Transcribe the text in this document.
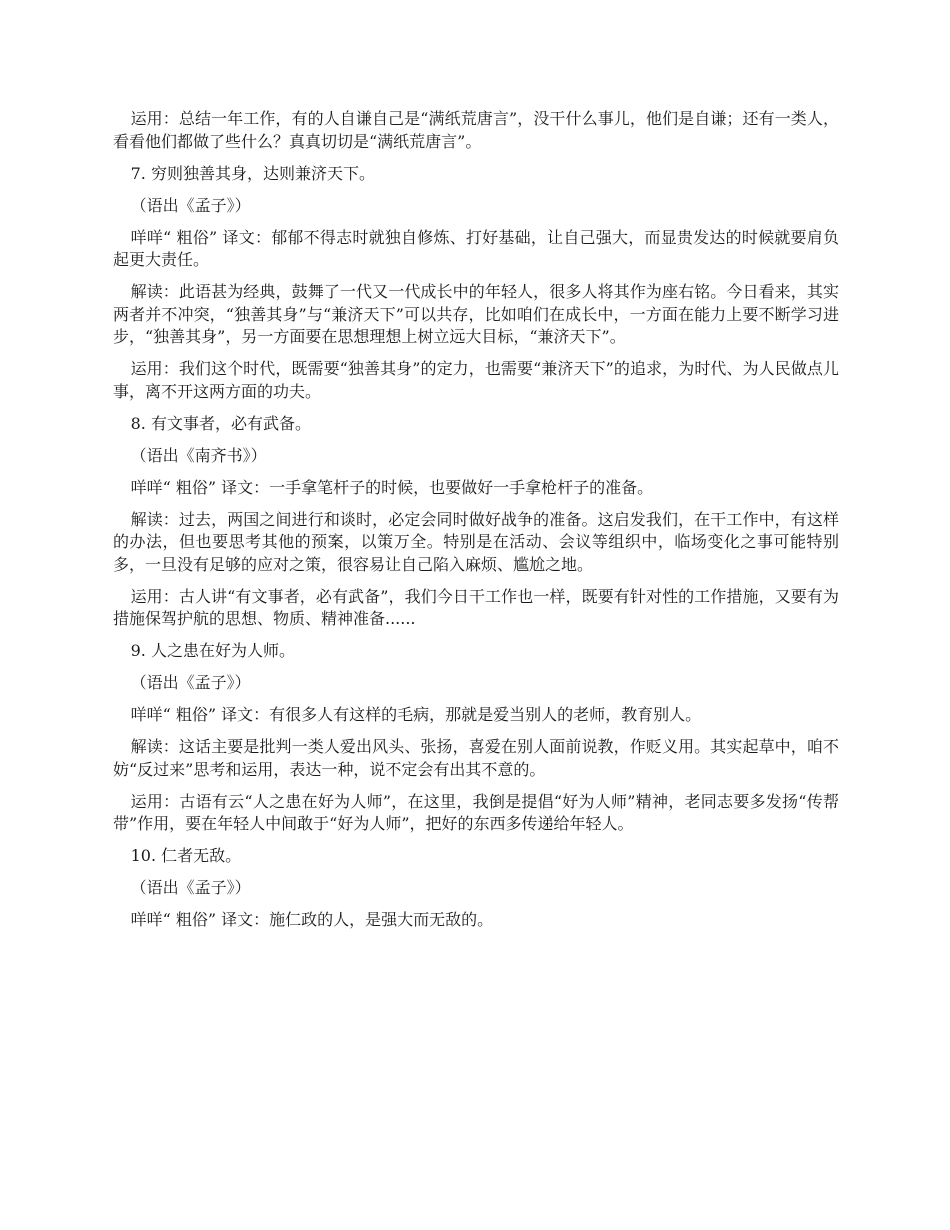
运用：总结一年工作，有的人自谦自己是“满纸荒唐言”，没干什么事儿，他们是自谦；还有一类人，看看他们都做了些什么？真真切切是“满纸荒唐言”。

7. 穷则独善其身，达则兼济天下。

（语出《孟子》）

咩咩“ 粗俗” 译文：郁郁不得志时就独自修炼、打好基础，让自己强大，而显贵发达的时候就要肩负起更大责任。

解读：此语甚为经典，鼓舞了一代又一代成长中的年轻人，很多人将其作为座右铭。今日看来，其实两者并不冲突，“独善其身”与“兼济天下”可以共存，比如咱们在成长中，一方面在能力上要不断学习进步，“独善其身”，另一方面要在思想理想上树立远大目标，“兼济天下”。

运用：我们这个时代，既需要“独善其身”的定力，也需要“兼济天下”的追求，为时代、为人民做点儿事，离不开这两方面的功夫。

8. 有文事者，必有武备。

（语出《南齐书》）

咩咩“ 粗俗” 译文：一手拿笔杆子的时候，也要做好一手拿枪杆子的准备。

解读：过去，两国之间进行和谈时，必定会同时做好战争的准备。这启发我们，在干工作中，有这样的办法，但也要思考其他的预案，以策万全。特别是在活动、会议等组织中，临场变化之事可能特别多，一旦没有足够的应对之策，很容易让自己陷入麻烦、尴尬之地。

运用：古人讲“有文事者，必有武备”，我们今日干工作也一样，既要有针对性的工作措施，又要有为措施保驾护航的思想、物质、精神准备......

9. 人之患在好为人师。

（语出《孟子》）

咩咩“ 粗俗” 译文：有很多人有这样的毛病，那就是爱当别人的老师，教育别人。

解读：这话主要是批判一类人爱出风头、张扬，喜爱在别人面前说教，作贬义用。其实起草中，咱不妨“反过来”思考和运用，表达一种，说不定会有出其不意的。

运用：古语有云“人之患在好为人师”，在这里，我倒是提倡“好为人师”精神，老同志要多发扬“传帮带”作用，要在年轻人中间敢于“好为人师”，把好的东西多传递给年轻人。

10. 仁者无敌。

（语出《孟子》）

咩咩“ 粗俗” 译文：施仁政的人，是强大而无敌的。
